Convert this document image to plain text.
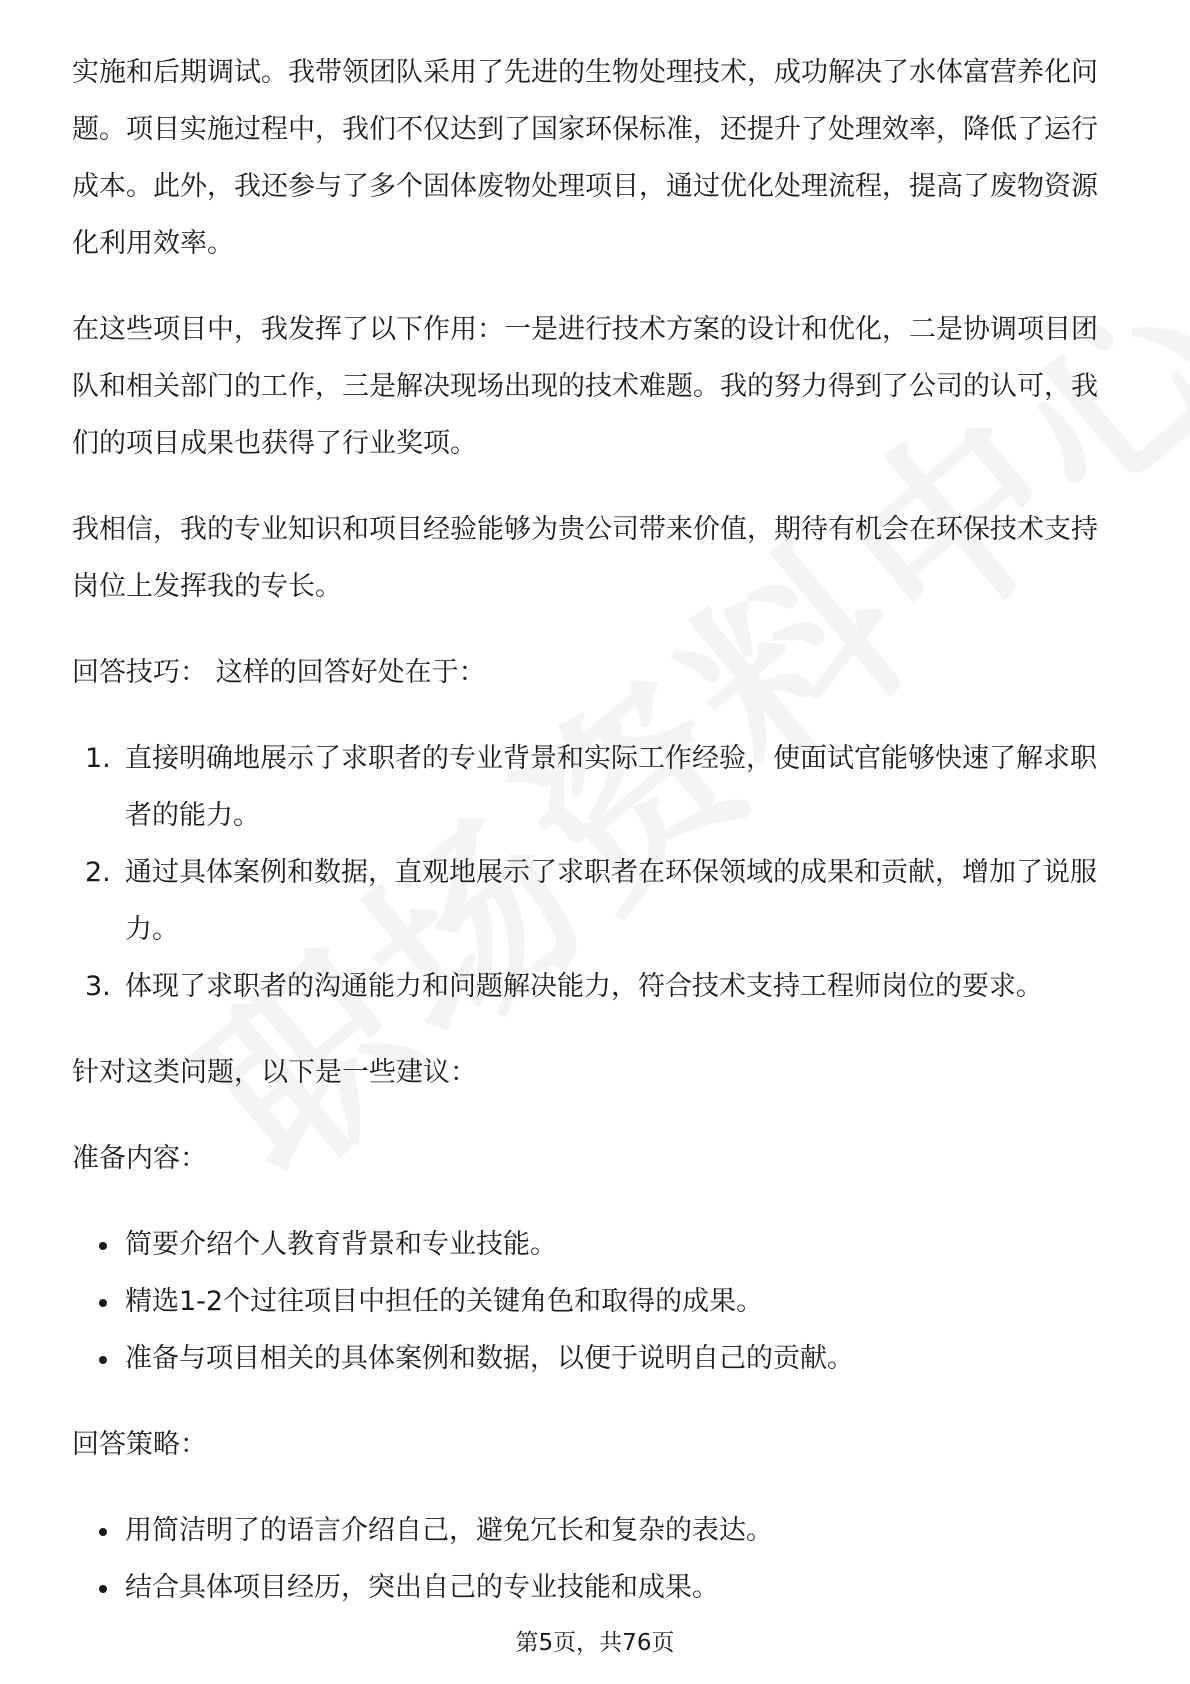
实施和后期调试。我带领团队采用了先进的生物处理技术，成功解决了水体富营养化问题。项目实施过程中，我们不仅达到了国家环保标准，还提升了处理效率，降低了运行成本。此外，我还参与了多个固体废物处理项目，通过优化处理流程，提高了废物资源化利用效率。

在这些项目中，我发挥了以下作用：一是进行技术方案的设计和优化，二是协调项目团队和相关部门的工作，三是解决现场出现的技术难题。我的努力得到了公司的认可，我们的项目成果也获得了行业奖项。

我相信，我的专业知识和项目经验能够为贵公司带来价值，期待有机会在环保技术支持岗位上发挥我的专长。

回答技巧： 这样的回答好处在于：

1. 直接明确地展示了求职者的专业背景和实际工作经验，使面试官能够快速了解求职者的能力。
2. 通过具体案例和数据，直观地展示了求职者在环保领域的成果和贡献，增加了说服力。
3. 体现了求职者的沟通能力和问题解决能力，符合技术支持工程师岗位的要求。

针对这类问题，以下是一些建议：

准备内容：

简要介绍个人教育背景和专业技能。
精选1-2个过往项目中担任的关键角色和取得的成果。
准备与项目相关的具体案例和数据，以便于说明自己的贡献。

回答策略：

用简洁明了的语言介绍自己，避免冗长和复杂的表达。
结合具体项目经历，突出自己的专业技能和成果。
第5页，共76页
